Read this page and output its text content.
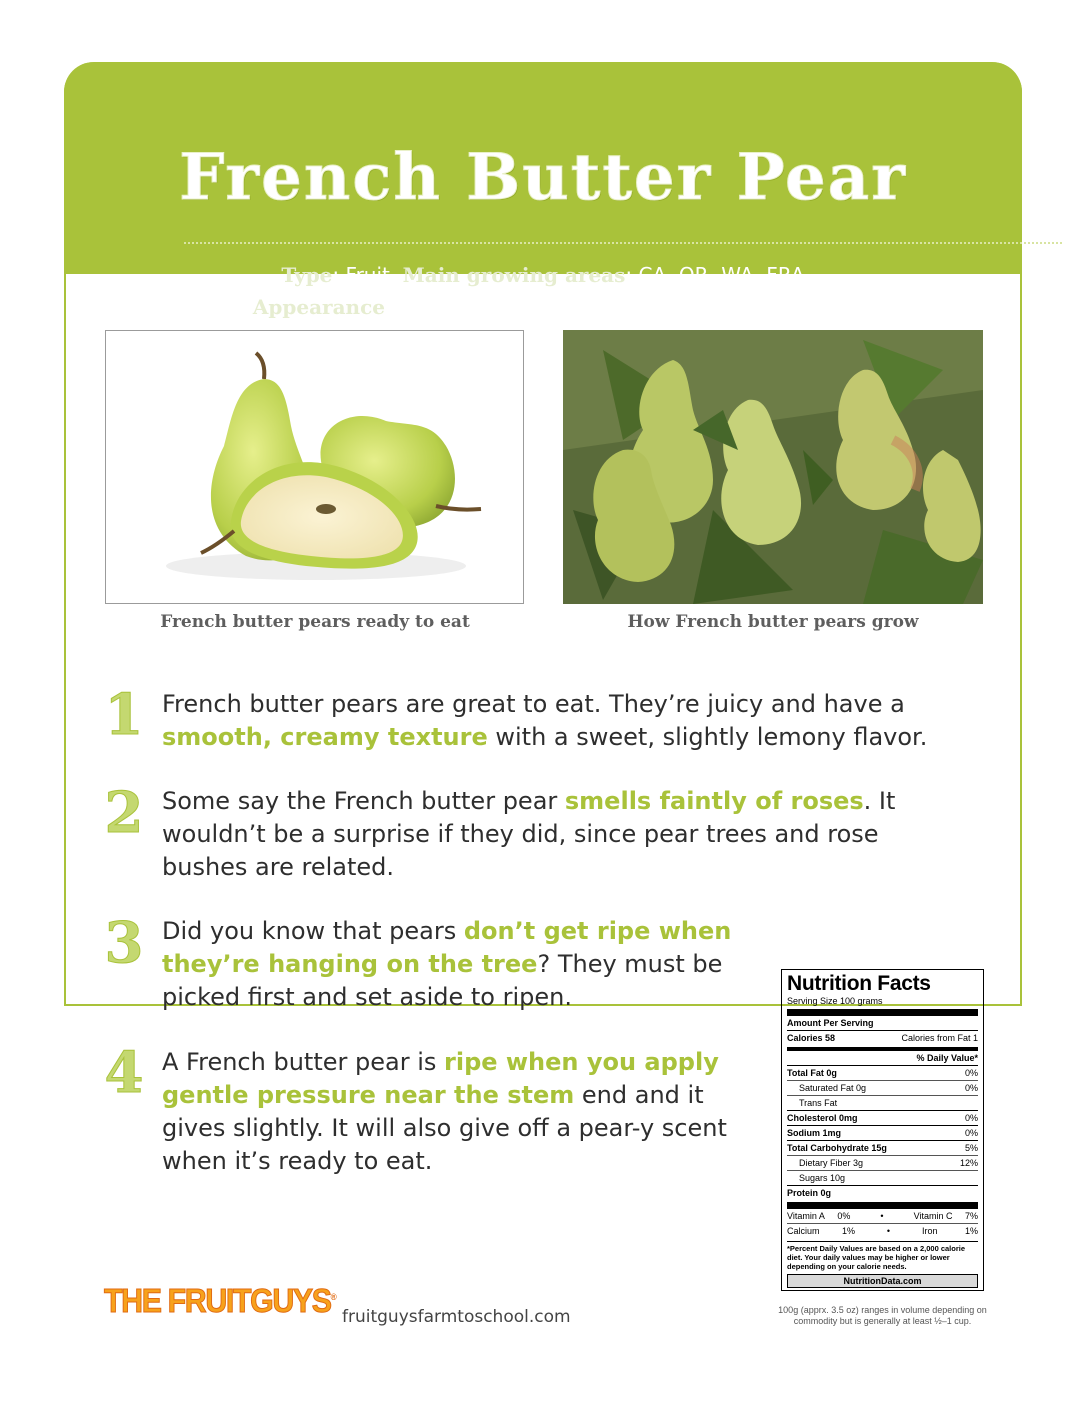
French Butter Pear
Type: Fruit Main growing areas: CA, OR, WA, FRA
Appearance: Yellow-green skin, small-sized, pear-shaped
French butter pears ready to eat	How French butter pears grow
1 French butter pears are great to eat. They’re juicy and have a smooth, creamy texture with a sweet, slightly lemony flavor.
2 Some say the French butter pear smells faintly of roses. It wouldn’t be a surprise if they did, since pear trees and rose bushes are related.
3 Did you know that pears don’t get ripe when they’re hanging on the tree? They must be picked first and set aside to ripen.
4 A French butter pear is ripe when you apply gentle pressure near the stem end and it gives slightly. It will also give off a pear-y scent when it’s ready to eat.
Nutrition Facts
Serving Size 100 grams
Amount Per Serving
Calories 58	Calories from Fat 1
% Daily Value*
Total Fat 0g	0%
Saturated Fat 0g	0%
Trans Fat
Cholesterol 0mg	0%
Sodium 1mg	0%
Total Carbohydrate 15g	5%
Dietary Fiber 3g	12%
Sugars 10g
Protein 0g
Vitamin A 0%	•	Vitamin C 7%
Calcium	1%	•	Iron	1%
*Percent Daily Values are based on a 2,000 calorie diet. Your daily values may be higher or lower depending on your calorie needs.
NutritionData.com
100g (apprx. 3.5 oz) ranges in volume depending on commodity but is generally at least ½–1 cup.
THE FRUITGUYS®
fruitguysfarmtoschool.com
